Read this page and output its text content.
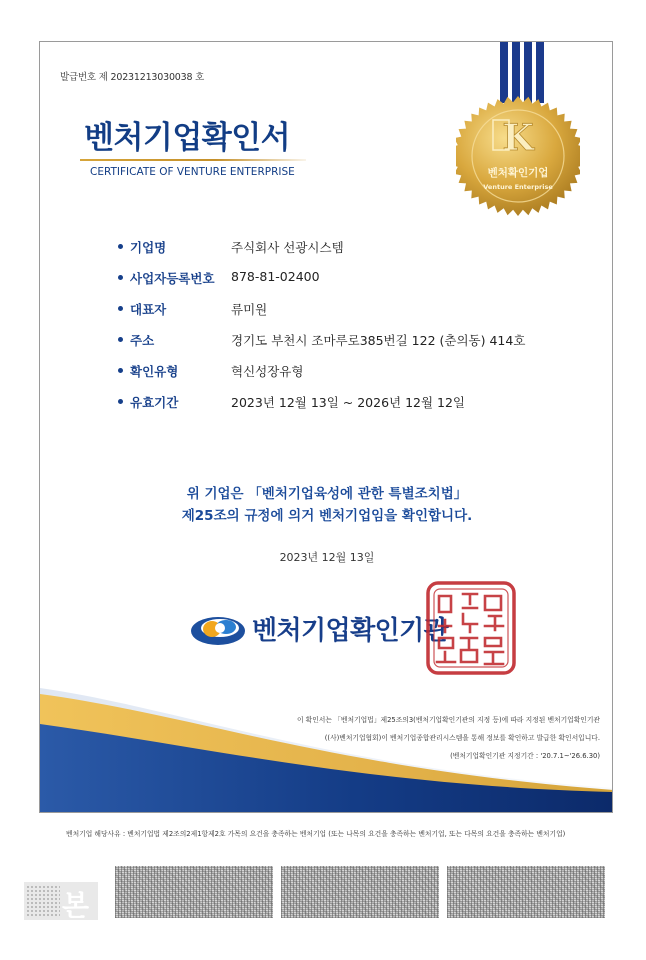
발급번호 제 20231213030038 호
벤처기업확인서
CERTIFICATE OF VENTURE ENTERPRISE
K
벤처확인기업
Venture Enterprise
기업명	주식회사 선광시스템
사업자등록번호 878-81-02400
대표자	류미원
주소	경기도 부천시 조마루로385번길 122 (춘의동) 414호
확인유형	혁신성장유형
유효기간	2023년 12월 13일 ~ 2026년 12월 12일
위 기업은 「벤처기업육성에 관한 특별조치법」
제25조의 규정에 의거 벤처기업임을 확인합니다.
2023년 12월 13일
벤처기업확인기관
이 확인서는 「벤처기업법」제25조의3(벤처기업확인기관의 지정 등)에 따라 지정된 벤처기업확인기관
((사)벤처기업협회)이 벤처기업종합관리시스템을 통해 정보를 확인하고 발급한 확인서입니다.
(벤처기업확인기관 지정기간 : '20.7.1~'26.6.30)
벤처기업 해당사유 : 벤처기업법 제2조의2제1항제2호 가목의 요건을 충족하는 벤처기업 (또는 나목의 요건을 충족하는 벤처기업, 또는 다목의 요건을 충족하는 벤처기업)
본
